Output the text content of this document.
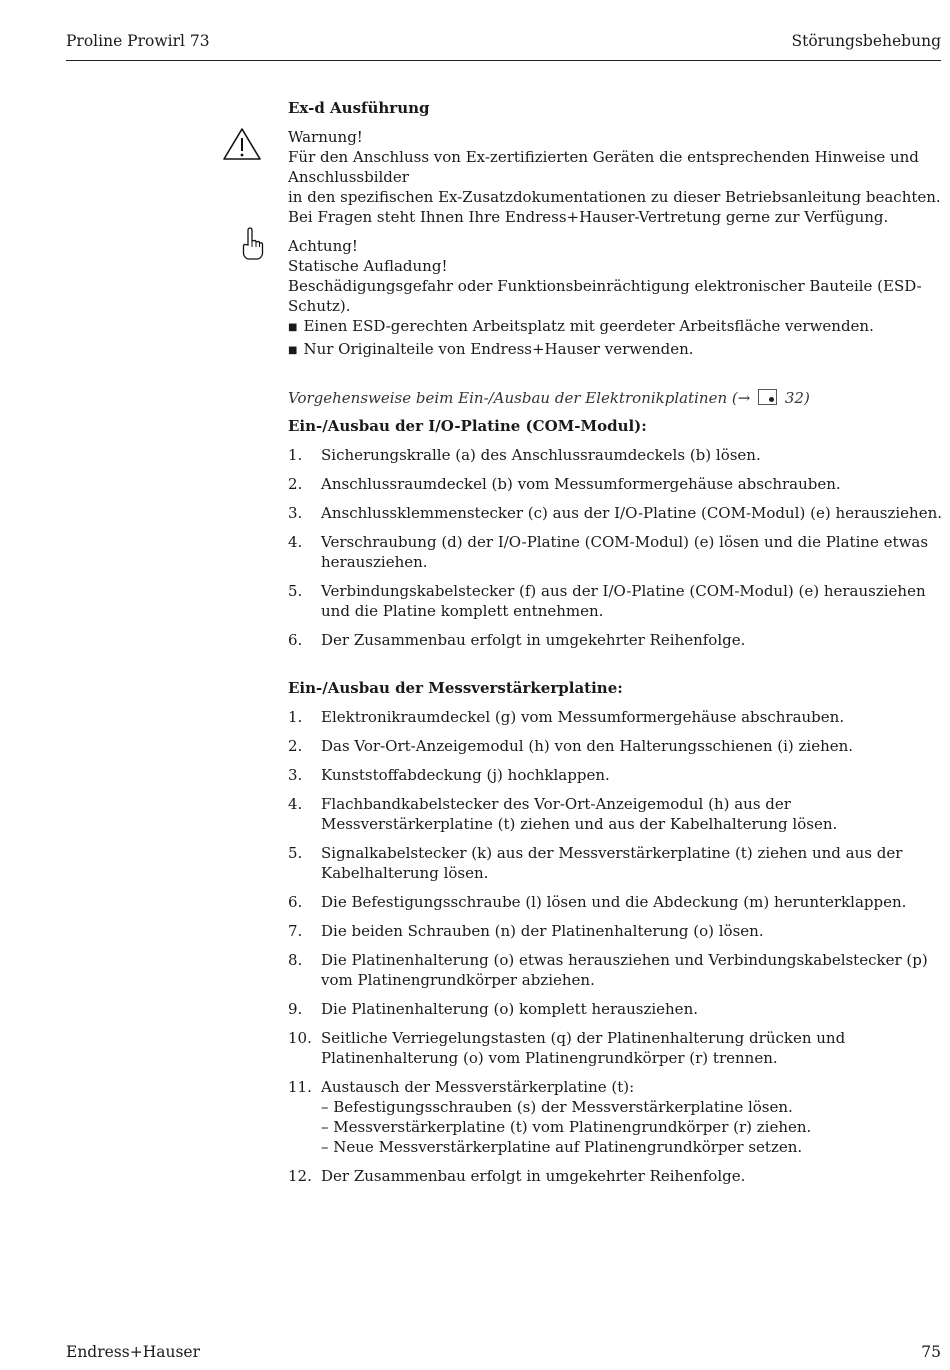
Proline Prowirl 73	Störungsbehebung

Ex-d Ausführung

Warnung!

Für den Anschluss von Ex-zertifizierten Geräten die entsprechenden Hinweise und Anschlussbilder

in den spezifischen Ex-Zusatzdokumentationen zu dieser Betriebsanleitung beachten.

Bei Fragen steht Ihnen Ihre Endress+Hauser-Vertretung gerne zur Verfügung.

Achtung!

Statische Aufladung!

Beschädigungsgefahr oder Funktionsbeinrächtigung elektronischer Bauteile (ESD-Schutz).

■ Einen ESD-gerechten Arbeitsplatz mit geerdeter Arbeitsfläche verwenden.

■ Nur Originalteile von Endress+Hauser verwenden.

Vorgehensweise beim Ein-/Ausbau der Elektronikplatinen (→ 32)

Ein-/Ausbau der I/O-Platine (COM-Modul):

1. Sicherungskralle (a) des Anschlussraumdeckels (b) lösen.
2. Anschlussraumdeckel (b) vom Messumformergehäuse abschrauben.
3. Anschlussklemmenstecker (c) aus der I/O-Platine (COM-Modul) (e) herausziehen.
4. Verschraubung (d) der I/O-Platine (COM-Modul) (e) lösen und die Platine etwas herausziehen.
5. Verbindungskabelstecker (f) aus der I/O-Platine (COM-Modul) (e) herausziehen und die Platine komplett entnehmen.
6. Der Zusammenbau erfolgt in umgekehrter Reihenfolge.

Ein-/Ausbau der Messverstärkerplatine:

1. Elektronikraumdeckel (g) vom Messumformergehäuse abschrauben.
2. Das Vor-Ort-Anzeigemodul (h) von den Halterungsschienen (i) ziehen.
3. Kunststoffabdeckung (j) hochklappen.
4. Flachbandkabelstecker des Vor-Ort-Anzeigemodul (h) aus der Messverstärkerplatine (t) ziehen und aus der Kabelhalterung lösen.
5. Signalkabelstecker (k) aus der Messverstärkerplatine (t) ziehen und aus der Kabelhalterung lösen.
6. Die Befestigungsschraube (l) lösen und die Abdeckung (m) herunterklappen.
7. Die beiden Schrauben (n) der Platinenhalterung (o) lösen.
8. Die Platinenhalterung (o) etwas herausziehen und Verbindungskabelstecker (p) vom Platinengrundkörper abziehen.
9. Die Platinenhalterung (o) komplett herausziehen.
10. Seitliche Verriegelungstasten (q) der Platinenhalterung drücken und Platinenhalterung (o) vom Platinengrundkörper (r) trennen.
11. Austausch der Messverstärkerplatine (t):
– Befestigungsschrauben (s) der Messverstärkerplatine lösen.
– Messverstärkerplatine (t) vom Platinengrundkörper (r) ziehen.
– Neue Messverstärkerplatine auf Platinengrundkörper setzen.
12. Der Zusammenbau erfolgt in umgekehrter Reihenfolge.
Endress+Hauser	75
